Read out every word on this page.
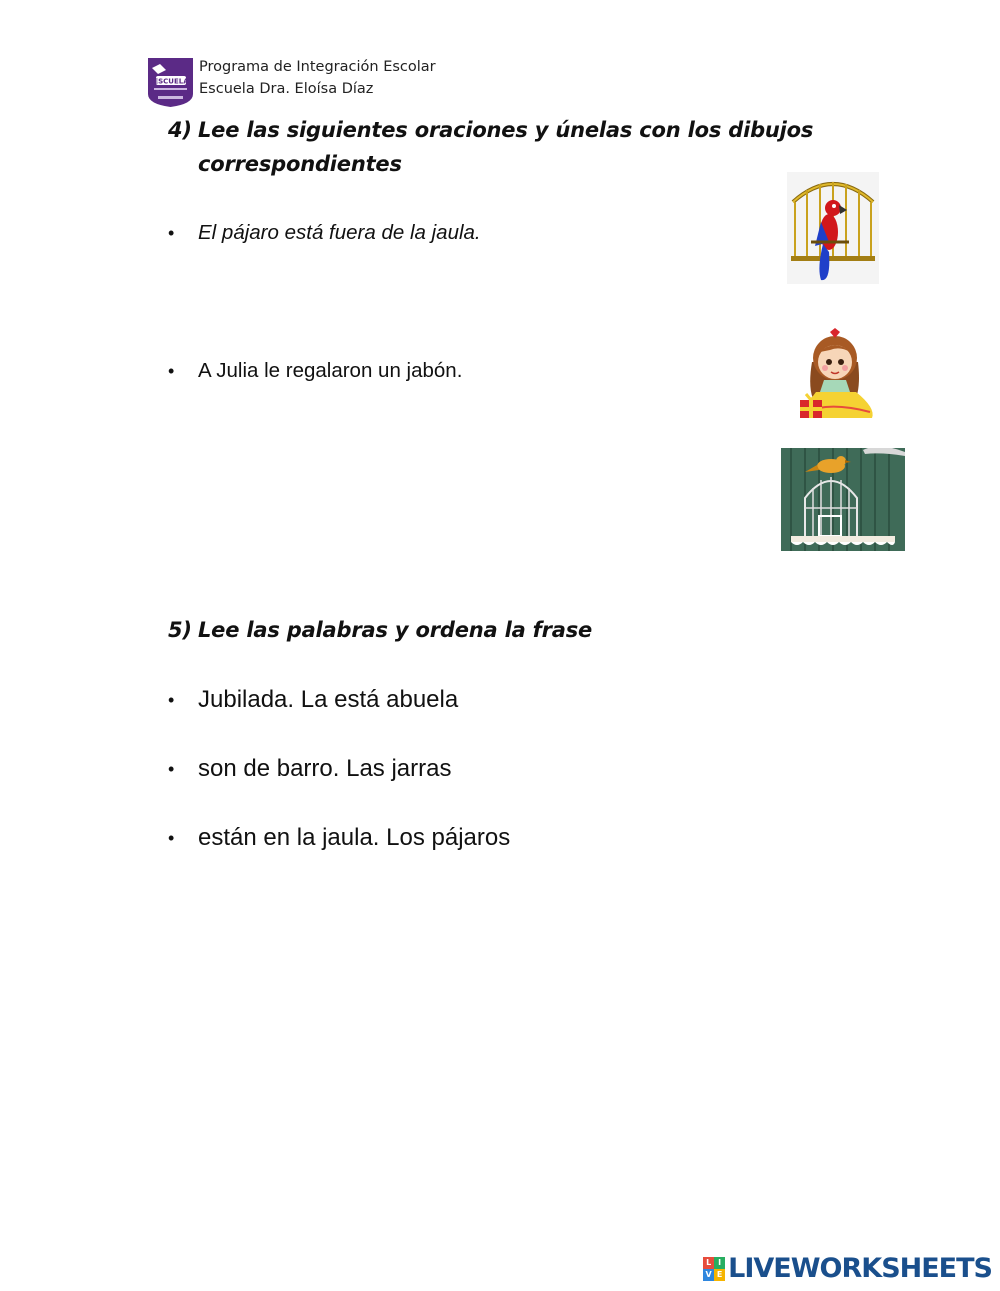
ESCUELA
Programa de Integración Escolar
Escuela Dra. Eloísa Díaz
4) Lee las siguientes oraciones y únelas con los dibujos
correspondientes
• El pájaro está fuera de la jaula.
• A Julia le regalaron un jabón.
5) Lee las palabras y ordena la frase
• Jubilada. La está abuela
• son de barro. Las jarras
• están en la jaula. Los pájaros
L I
V E LIVEWORKSHEETS
